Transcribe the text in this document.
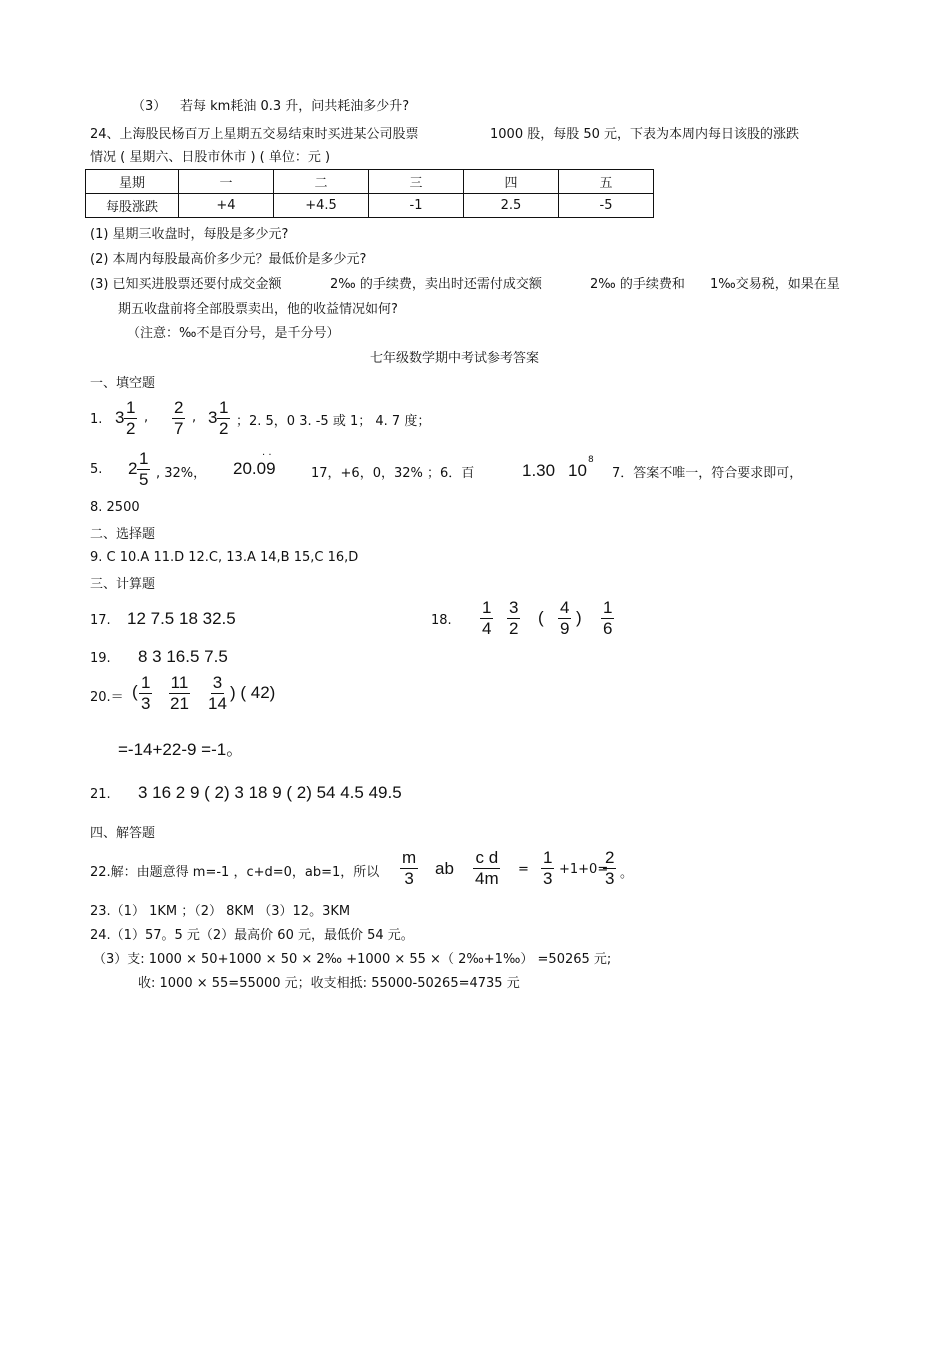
（3） 若每 km耗油 0.3 升，问共耗油多少升?
24、上海股民杨百万上星期五交易结束时买进某公司股票	1000 股，每股 50 元，下表为本周内每日该股的涨跌
情况 ( 星期六、日股市休市 ) ( 单位：元 )
星期	一	二	三	四	五
每股涨跌	+4	+4.5	-1	2.5	-5
(1) 星期三收盘时，每股是多少元?
(2) 本周内每股最高价多少元？最低价是多少元?
(3) 已知买进股票还要付成交金额	2‰ 的手续费，卖出时还需付成交额	2‰ 的手续费和 1‰交易税，如果在星
期五收盘前将全部股票卖出，他的收益情况如何?
（注意：‰不是百分号，是千分号）
七年级数学期中考试参考答案
一、填空题
1. $3 \frac{1}{2}$ , $\frac{2}{7}$ , $3 \frac{1}{2}$ ；2. 5，0 3. -5 或 1； 4. 7 度；
5. $2 \frac{1}{5}$ , 32%，
. .
20.09	17，+6，0，32% ；6．百	1.30 10
8
7．答案不唯一，符合要求即可，
8. 2500
二、选择题
9. C 10.A 11.D 12.C, 13.A 14,B 15,C 16,D
三、计算题
17. 12 7.5 18 32.5	18. $\frac{1}{4} \frac{3}{2}$ ( $\frac{4}{9}$ ) $\frac{1}{6}$
19. 8 3 16.5 7.5
20.＝ ( $\frac{1}{3} \frac{11}{21} \frac{3}{14}$ ) ( 42)
=-14+22-9 =-1。
21. 3 16 2 9 ( 2) 3 18 9 ( 2) 54 4.5 49.5
四、解答题
22.解：由题意得 m=-1 ，c+d=0，ab=1，所以 $\frac{m}{3}$ ab $\frac{\text{c d}}{4m} = \frac{1}{3} +1+0=$
$\frac{2}{3}$ 。
23.（1） 1KM ；（2） 8KM （3）12。3KM
24.（1）57。5 元（2）最高价 60 元，最低价 54 元。
（3）支: 1000 × 50+1000 × 50 × 2‰ +1000 × 55 ×（ 2‰+1‰） =50265 元;
收: 1000 × 55=55000 元；收支相抵: 55000-50265=4735 元
